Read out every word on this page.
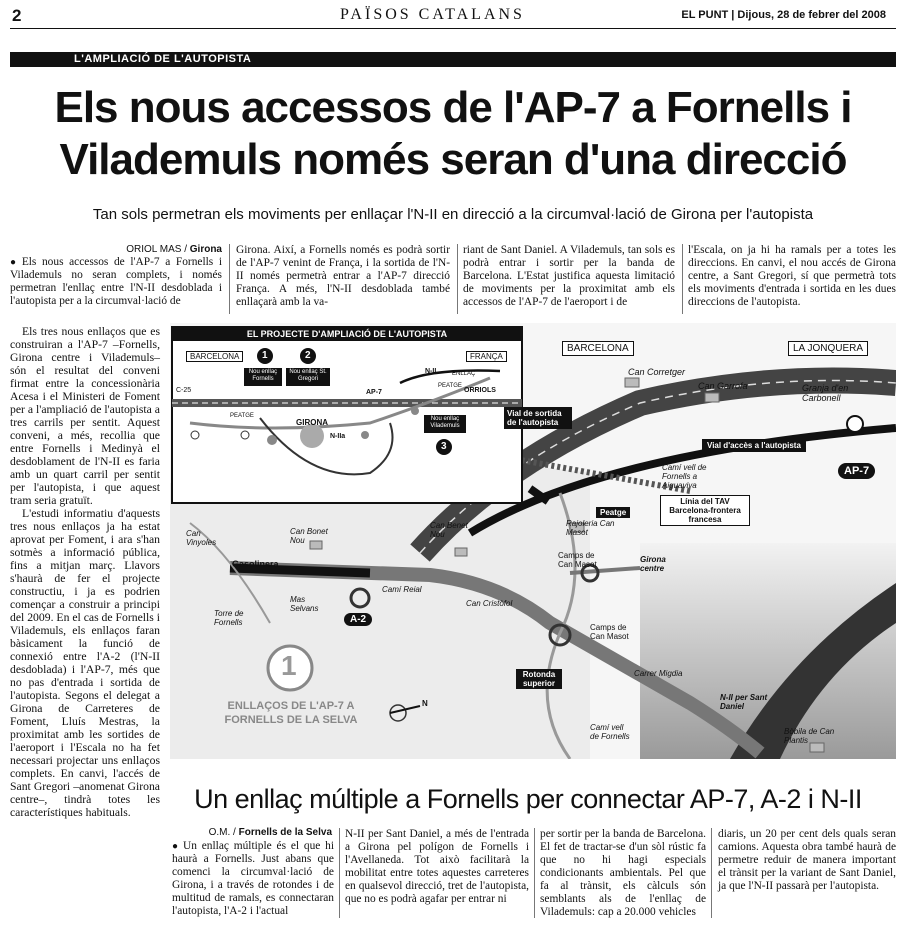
2	PAÏSOS CATALANS	EL PUNT | Dijous, 28 de febrer del 2008
L'AMPLIACIÓ DE L'AUTOPISTA
Els nous accessos de l'AP-7 a Fornells i
Vilademuls només seran d'una direcció
Tan sols permetran els moviments per enllaçar l'N-II en direcció a la circumval·lació de Girona per l'autopista
ORIOL MAS / Girona
● Els nous accessos de l'AP-7 a Fornells i Vilademuls no seran complets, i només permetran l'enllaç entre l'N-II desdoblada i l'autopista per a la circumval·lació de
Girona. Així, a Fornells només es podrà sortir de l'AP-7 venint de França, i la sortida de l'N-II només permetrà entrar a l'AP-7 direcció França. A més, l'N-II desdoblada també enllaçarà amb la va-
riant de Sant Daniel. A Vilademuls, tan sols es podrà entrar i sortir per la banda de Barcelona. L'Estat justifica aquesta limitació de moviments per la proximitat amb els accessos de l'AP-7 de l'aeroport i de
l'Escala, on ja hi ha ramals per a totes les direccions. En canvi, el nou accés de Girona centre, a Sant Gregori, sí que permetrà tots els moviments d'entrada i sortida en les dues direccions de l'autopista.
Els tres nous enllaços que es construiran a l'AP-7 –Fornells, Girona centre i Vilademuls– són el resultat del conveni firmat entre la concessionària Acesa i el Ministeri de Foment per a l'ampliació de l'autopista a tres carrils per sentit. Aquest conveni, a més, recollia que entre Fornells i Medinyà el desdoblament de l'N-II es faria amb un quart carril per sentit per l'autopista, i que aquest tram seria gratuït.
L'estudi informatiu d'aquests tres nous enllaços ja ha estat aprovat per Foment, i ara s'han sotmès a informació pública, fins a mitjan març. Llavors s'haurà de fer el projecte constructiu, i ja es podrien començar a construir a principi del 2009. En el cas de Fornells i Vilademuls, els enllaços faran bàsicament la funció de connexió entre l'A-2 (l'N-II desdoblada) i l'AP-7, més que no pas d'entrada i sortida de l'autopista. Segons el delegat a Girona de Carreteres de Foment, Lluís Mestras, la proximitat amb les sortides de l'aeroport i l'Escala no ha fet necessari projectar uns enllaços complets. En canvi, l'accés de Sant Gregori –anomenat Girona centre–, tindrà totes les característiques habituals.
EL PROJECTE D'AMPLIACIÓ DE L'AUTOPISTA
BARCELONA	FRANÇA
1	2
3
Nou enllaç Fornells
Nou enllaç St. Gregori
Nou enllaç Vilademuls
GIRONA
AP-7
N-II
N-IIa
C-25	ORRIOLS
PEATGE
PEATGE
ENLLAÇ
BARCELONA	LA JONQUERA
Can Corretger
Can Garrofa	Granja d'en Carbonell
Vial de sortida de l'autopista
Vial d'accès a l'autopista
AP-7
Camí vell de Fornells a Aiguaviva
Línia del TAV Barcelona-frontera francesa
Peatge
Rajoleria Can Masot
Camps de Can Masot
Girona centre
Can Bonet Nou
Can Benet Nou
Can Vinyoles
Gasolinera
Mas Selvans
Camí Reial
Can Cristòfol
A-2
Torre de Fornells
Camps de Can Masot
Rotonda superior
Carrer Migdia
N-II per Sant Daniel
Camí vell de Fornells
Bòbila de Can Plantis
1
ENLLAÇOS DE L'AP-7 A
FORNELLS DE LA SELVA
N
Un enllaç múltiple a Fornells per connectar AP-7, A-2 i N-II
O.M. / Fornells de la Selva
● Un enllaç múltiple és el que hi haurà a Fornells. Just abans que comenci la circumval·lació de Girona, i a través de rotondes i de multitud de ramals, es connectaran l'autopista, l'A-2 i l'actual
N-II per Sant Daniel, a més de l'entrada a Girona pel polígon de Fornells i l'Avellaneda. Tot això facilitarà la mobilitat entre totes aquestes carreteres en qualsevol direcció, tret de l'autopista, que no es podrà agafar per entrar ni
per sortir per la banda de Barcelona. El fet de tractar-se d'un sòl rústic fa que no hi hagi especials condicionants ambientals. Pel que fa al trànsit, els càlculs són semblants als de l'enllaç de Vilademuls: cap a 20.000 vehicles
diaris, un 20 per cent dels quals seran camions. Aquesta obra també haurà de permetre reduir de manera important el trànsit per la variant de Sant Daniel, ja que l'N-II passarà per l'autopista.
